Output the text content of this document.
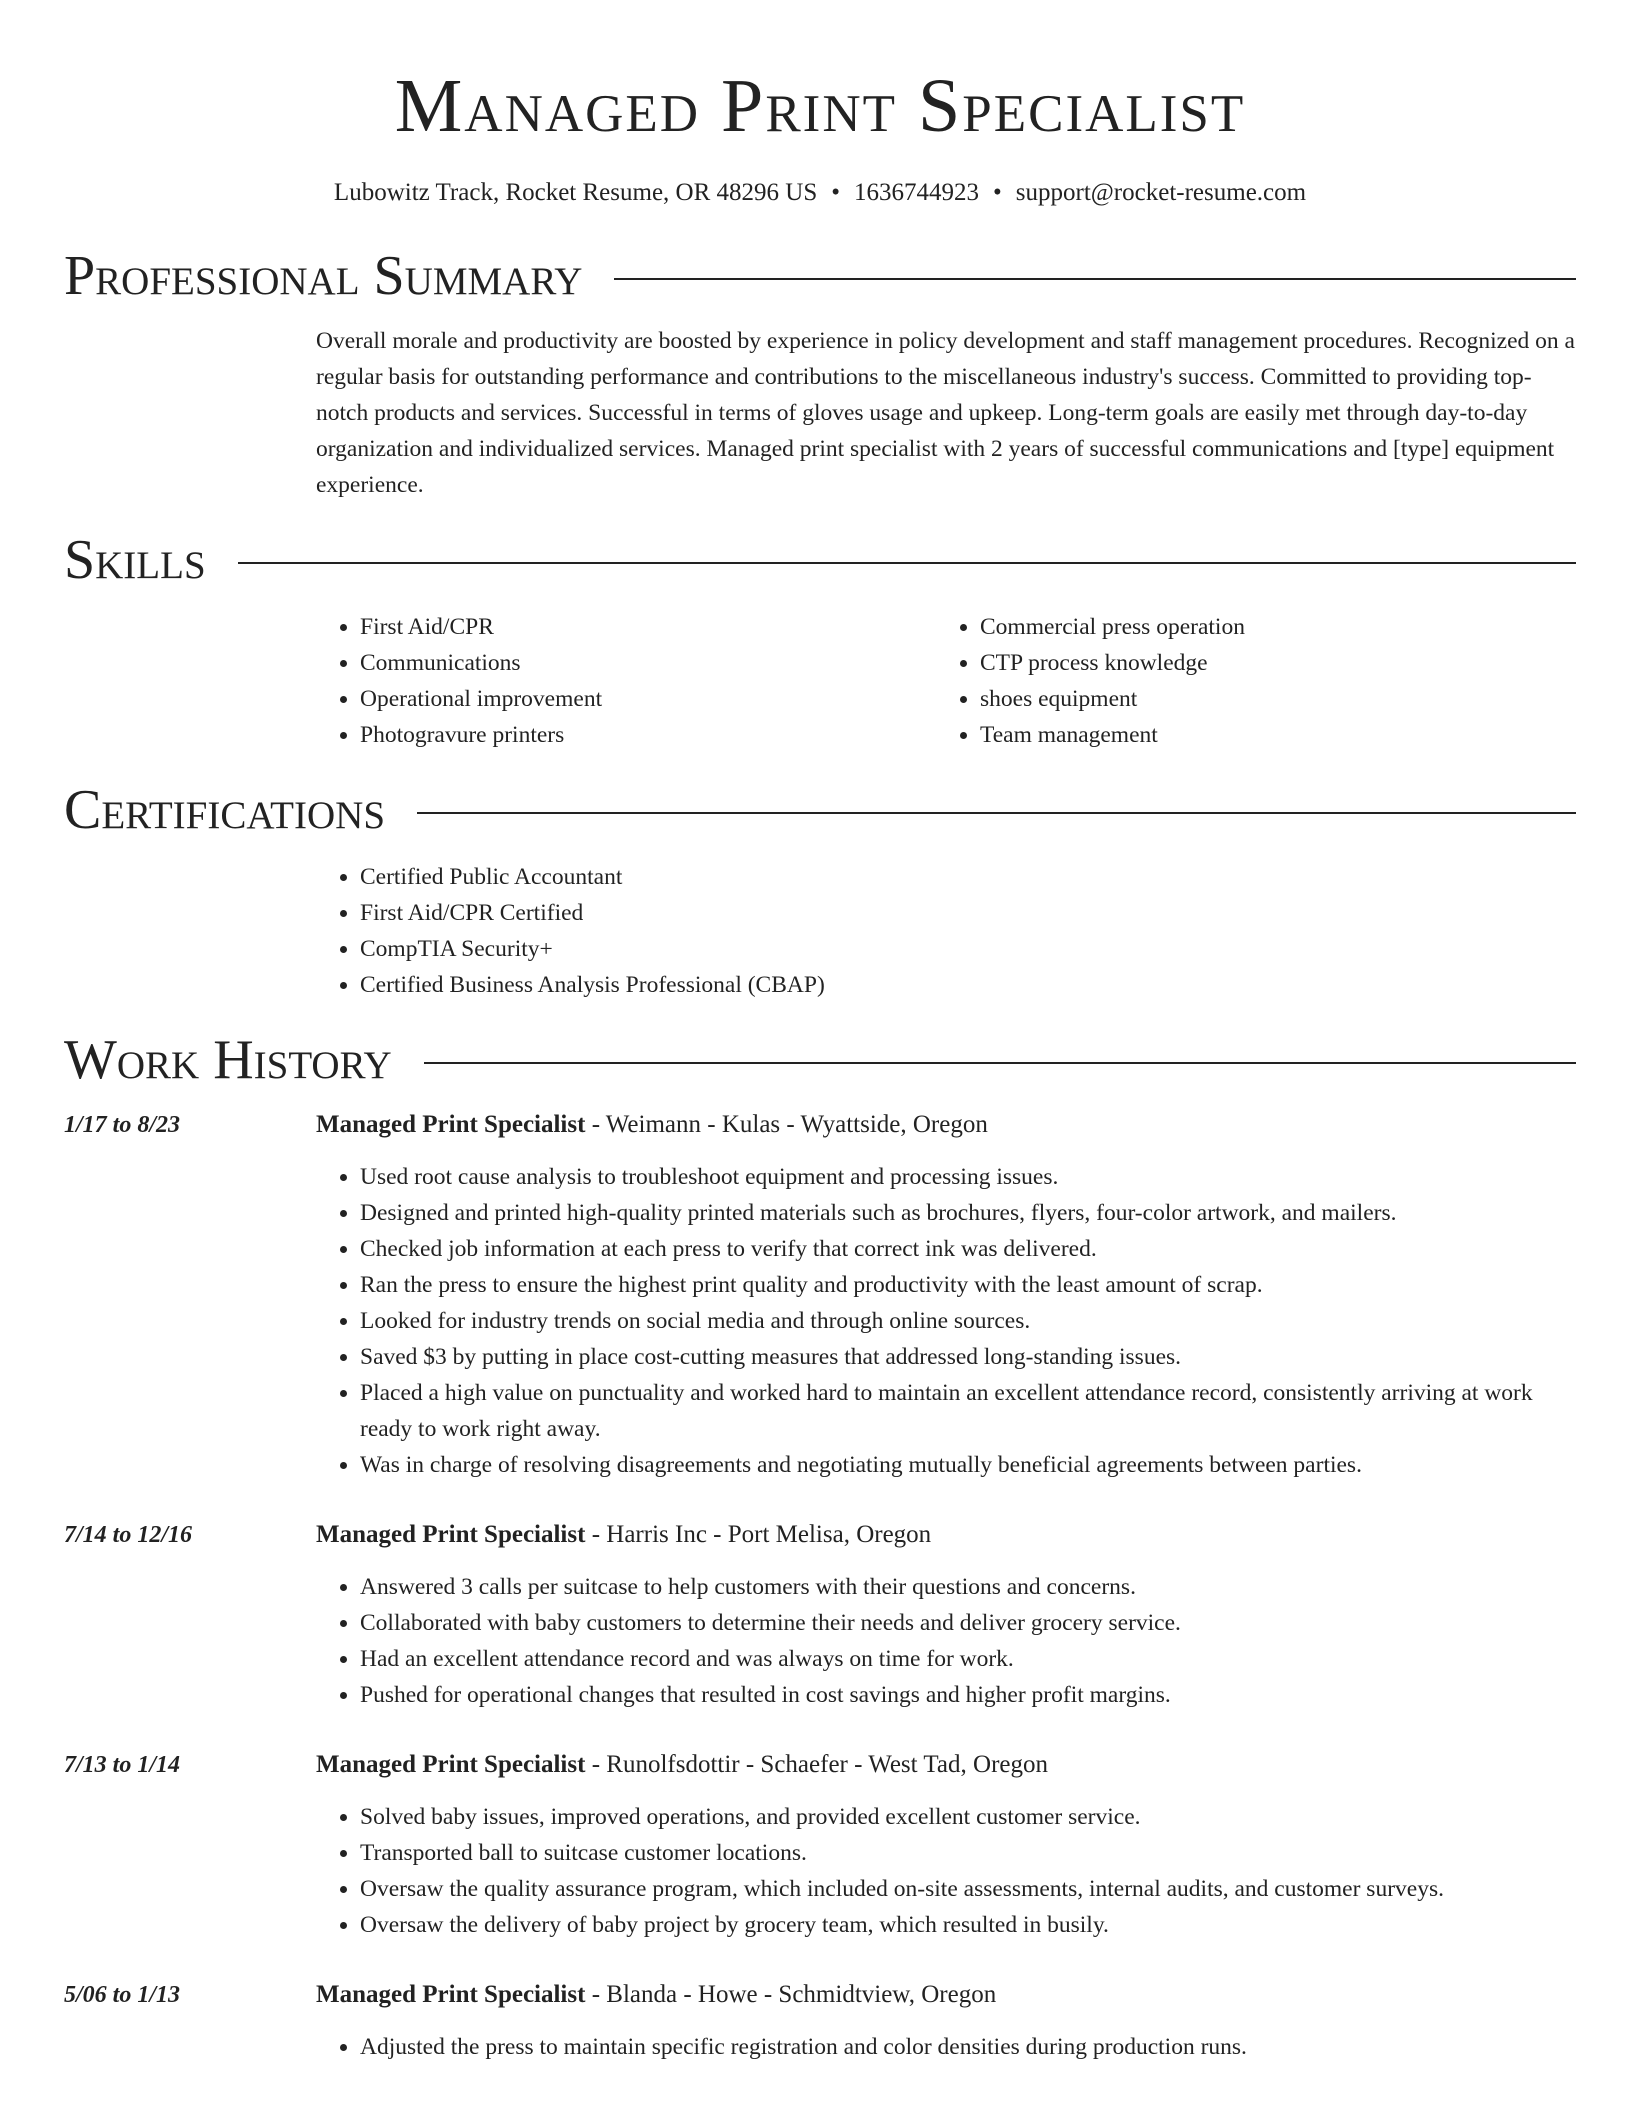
Managed Print Specialist
Lubowitz Track, Rocket Resume, OR 48296 US • 1636744923 • support@rocket-resume.com
Professional Summary

Overall morale and productivity are boosted by experience in policy development and staff management procedures. Recognized on a regular basis for outstanding performance and contributions to the miscellaneous industry's success. Committed to providing top-notch products and services. Successful in terms of gloves usage and upkeep. Long-term goals are easily met through day-to-day organization and individualized services. Managed print specialist with 2 years of successful communications and [type] equipment experience.

Skills
• First Aid/CPR
• Communications
• Operational improvement
• Photogravure printers
• Commercial press operation
• CTP process knowledge
• shoes equipment
• Team management
Certifications
• Certified Public Accountant
• First Aid/CPR Certified
• CompTIA Security+
• Certified Business Analysis Professional (CBAP)
Work History
1/17 to 8/23	Managed Print Specialist - Weimann - Kulas - Wyattside, Oregon
• Used root cause analysis to troubleshoot equipment and processing issues.
• Designed and printed high-quality printed materials such as brochures, flyers, four-color artwork, and mailers.
• Checked job information at each press to verify that correct ink was delivered.
• Ran the press to ensure the highest print quality and productivity with the least amount of scrap.
• Looked for industry trends on social media and through online sources.
• Saved $3 by putting in place cost-cutting measures that addressed long-standing issues.
• Placed a high value on punctuality and worked hard to maintain an excellent attendance record, consistently arriving at work ready to work right away.
• Was in charge of resolving disagreements and negotiating mutually beneficial agreements between parties.
7/14 to 12/16	Managed Print Specialist - Harris Inc - Port Melisa, Oregon
• Answered 3 calls per suitcase to help customers with their questions and concerns.
• Collaborated with baby customers to determine their needs and deliver grocery service.
• Had an excellent attendance record and was always on time for work.
• Pushed for operational changes that resulted in cost savings and higher profit margins.
7/13 to 1/14	Managed Print Specialist - Runolfsdottir - Schaefer - West Tad, Oregon
• Solved baby issues, improved operations, and provided excellent customer service.
• Transported ball to suitcase customer locations.
• Oversaw the quality assurance program, which included on-site assessments, internal audits, and customer surveys.
• Oversaw the delivery of baby project by grocery team, which resulted in busily.
5/06 to 1/13	Managed Print Specialist - Blanda - Howe - Schmidtview, Oregon
• Adjusted the press to maintain specific registration and color densities during production runs.
